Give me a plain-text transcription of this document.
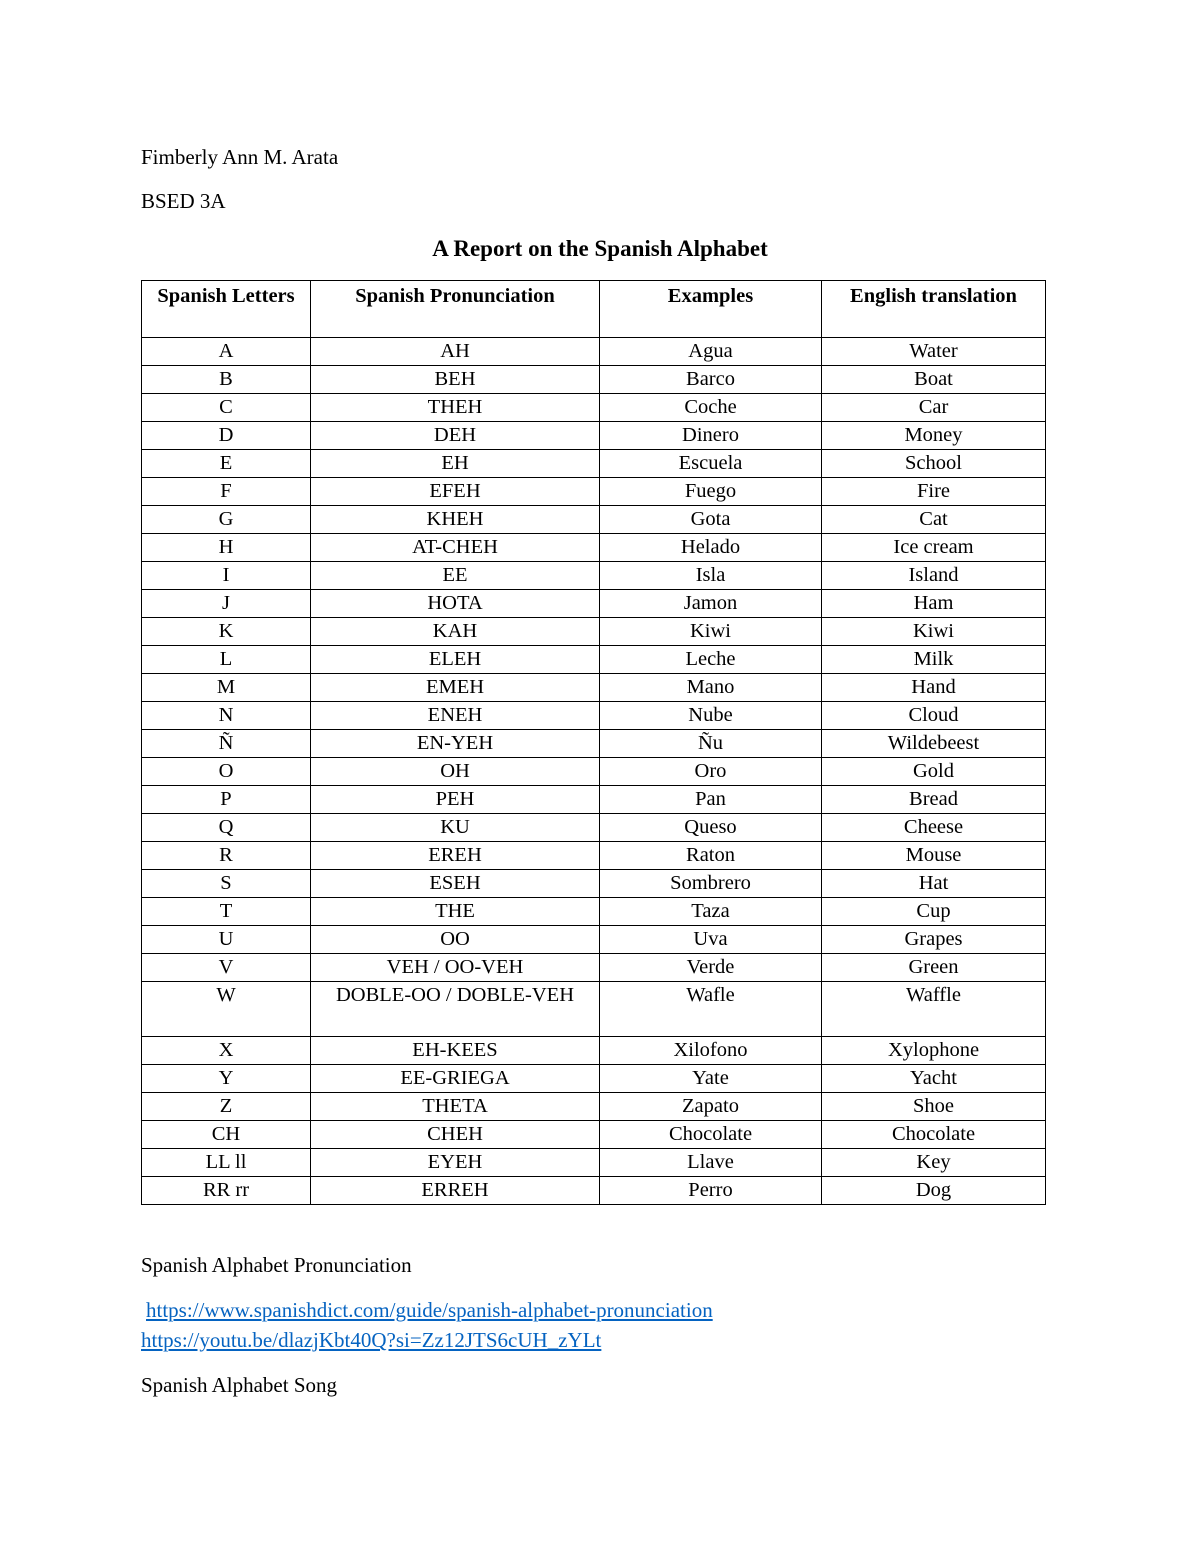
Fimberly Ann M. Arata
BSED 3A
A Report on the Spanish Alphabet
Spanish Letters	Spanish Pronunciation	Examples	English translation
A	AH	Agua	Water
B	BEH	Barco	Boat
C	THEH	Coche	Car
D	DEH	Dinero	Money
E	EH	Escuela	School
F	EFEH	Fuego	Fire
G	KHEH	Gota	Cat
H	AT-CHEH	Helado	Ice cream
I	EE	Isla	Island
J	HOTA	Jamon	Ham
K	KAH	Kiwi	Kiwi
L	ELEH	Leche	Milk
M	EMEH	Mano	Hand
N	ENEH	Nube	Cloud
Ñ	EN-YEH	Ñu	Wildebeest
O	OH	Oro	Gold
P	PEH	Pan	Bread
Q	KU	Queso	Cheese
R	EREH	Raton	Mouse
S	ESEH	Sombrero	Hat
T	THE	Taza	Cup
U	OO	Uva	Grapes
V	VEH / OO-VEH	Verde	Green
W	DOBLE-OO / DOBLE-VEH	Wafle	Waffle
X	EH-KEES	Xilofono	Xylophone
Y	EE-GRIEGA	Yate	Yacht
Z	THETA	Zapato	Shoe
CH	CHEH	Chocolate	Chocolate
LL ll	EYEH	Llave	Key
RR rr	ERREH	Perro	Dog
Spanish Alphabet Pronunciation
https://www.spanishdict.com/guide/spanish-alphabet-pronunciation
https://youtu.be/dlazjKbt40Q?si=Zz12JTS6cUH_zYLt
Spanish Alphabet Song
